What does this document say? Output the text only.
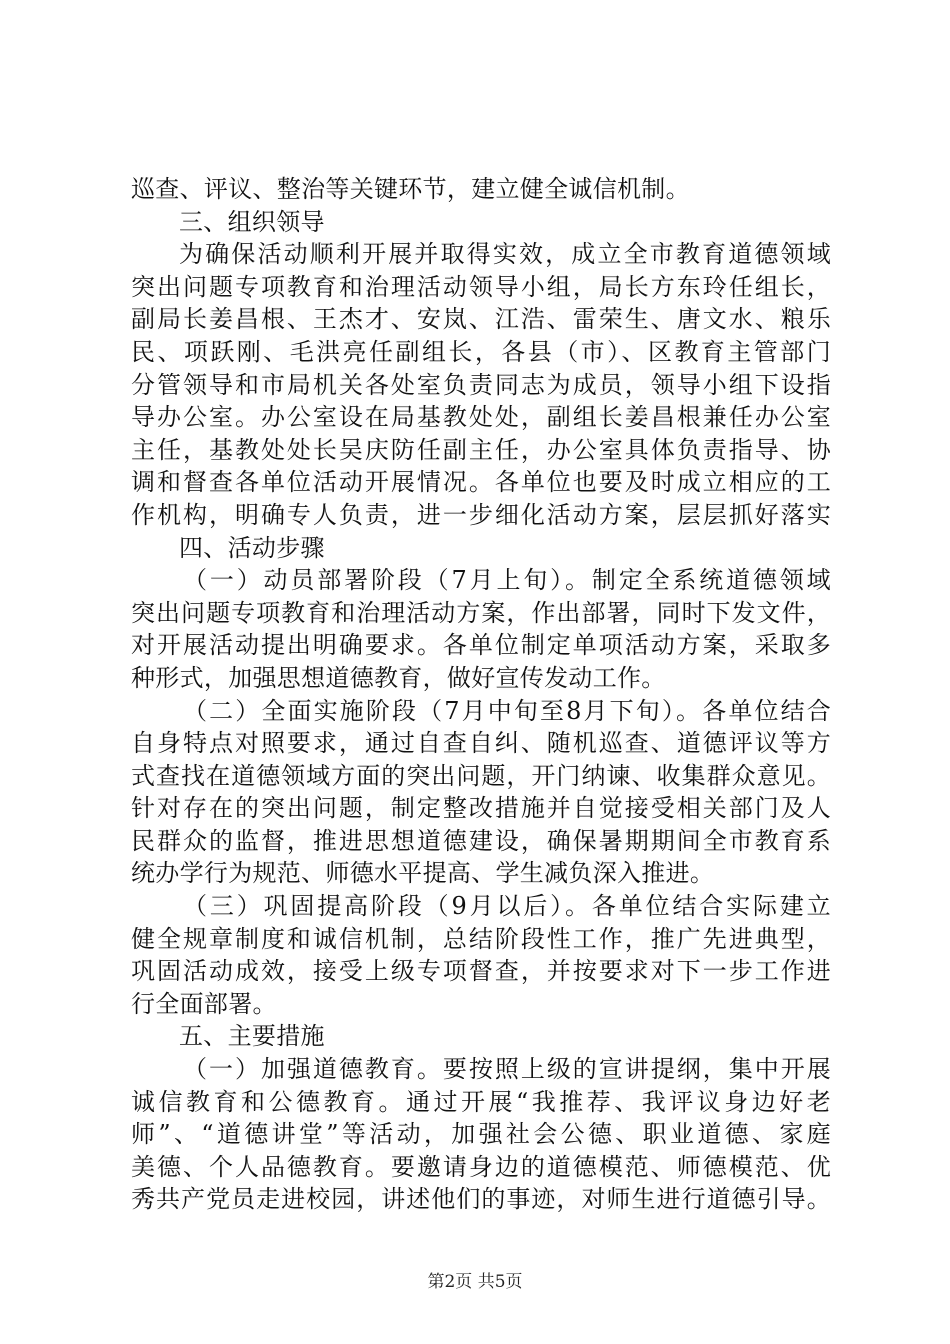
巡查、评议、整治等关键环节，建立健全诚信机制。
三、组织领导
为确保活动顺利开展并取得实效，成立全市教育道德领域
突出问题专项教育和治理活动领导小组，局长方东玲任组长，
副局长姜昌根、王杰才、安岚、江浩、雷荣生、唐文水、粮乐
民、项跃刚、毛洪亮任副组长，各县（市）、区教育主管部门
分管领导和市局机关各处室负责同志为成员，领导小组下设指
导办公室。办公室设在局基教处处，副组长姜昌根兼任办公室
主任，基教处处长吴庆防任副主任，办公室具体负责指导、协
调和督查各单位活动开展情况。各单位也要及时成立相应的工
作机构，明确专人负责，进一步细化活动方案，层层抓好落实
四、活动步骤
（一）动员部署阶段（7月上旬）。制定全系统道德领域
突出问题专项教育和治理活动方案，作出部署，同时下发文件，
对开展活动提出明确要求。各单位制定单项活动方案，采取多
种形式，加强思想道德教育，做好宣传发动工作。
（二）全面实施阶段（7月中旬至8月下旬）。各单位结合
自身特点对照要求，通过自查自纠、随机巡查、道德评议等方
式查找在道德领域方面的突出问题，开门纳谏、收集群众意见。
针对存在的突出问题，制定整改措施并自觉接受相关部门及人
民群众的监督，推进思想道德建设，确保暑期期间全市教育系
统办学行为规范、师德水平提高、学生减负深入推进。
（三）巩固提高阶段（9月以后）。各单位结合实际建立
健全规章制度和诚信机制，总结阶段性工作，推广先进典型，
巩固活动成效，接受上级专项督查，并按要求对下一步工作进
行全面部署。
五、主要措施
（一）加强道德教育。要按照上级的宣讲提纲，集中开展
诚信教育和公德教育。通过开展“我推荐、我评议身边好老
师”、“道德讲堂”等活动，加强社会公德、职业道德、家庭
美德、个人品德教育。要邀请身边的道德模范、师德模范、优
秀共产党员走进校园，讲述他们的事迹，对师生进行道德引导。
第2页 共5页
